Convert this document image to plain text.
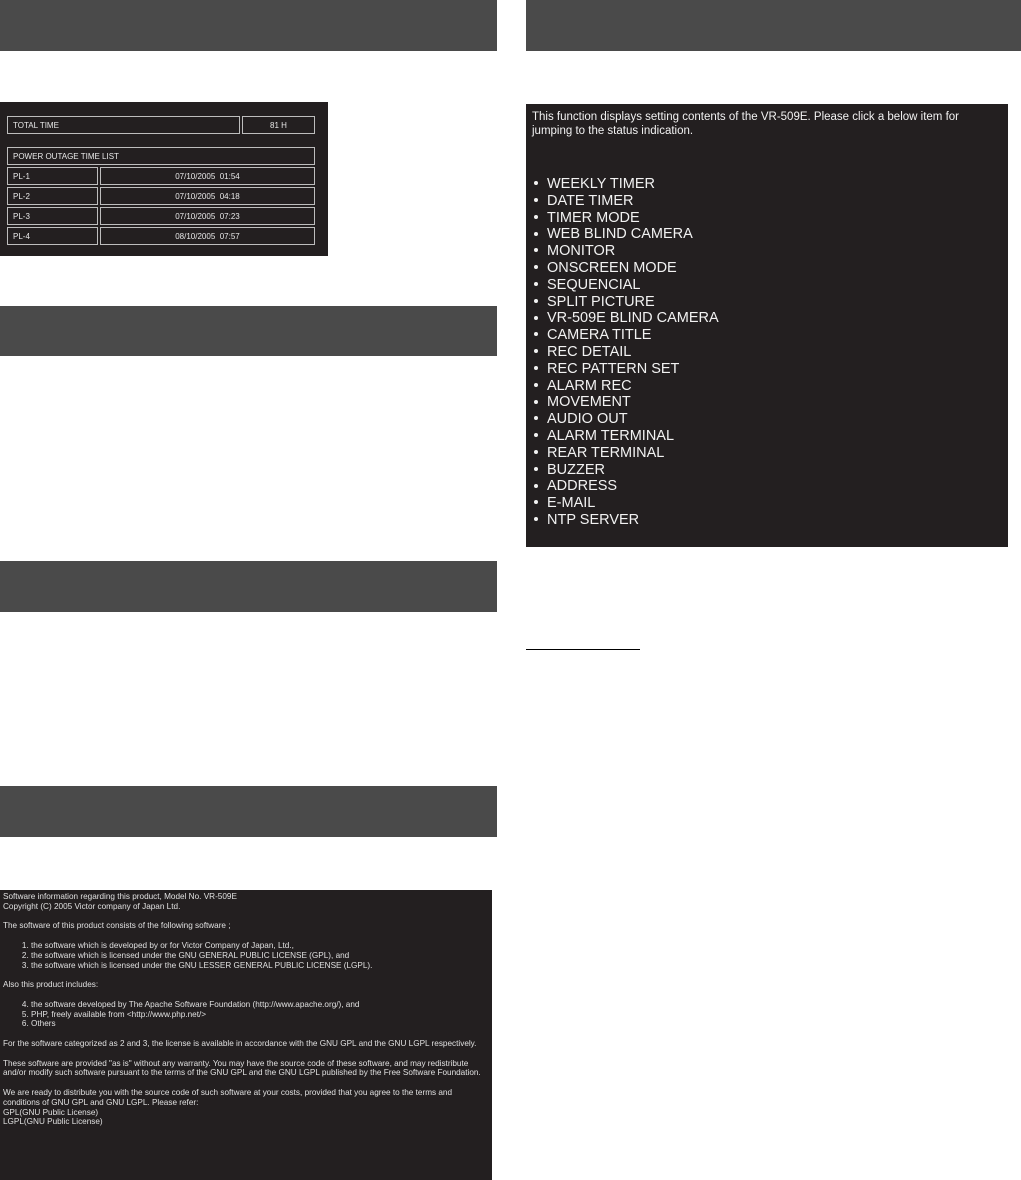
TOTAL TIME	81 H
POWER OUTAGE TIME LIST
PL-1	07/10/2005  01:54
PL-2	07/10/2005  04:18
PL-3	07/10/2005  07:23
PL-4	08/10/2005  07:57
This function displays setting contents of the VR-509E. Please click a below item for jumping to the status indication.
WEEKLY TIMER
DATE TIMER
TIMER MODE
WEB BLIND CAMERA
MONITOR
ONSCREEN MODE
SEQUENCIAL
SPLIT PICTURE
VR-509E BLIND CAMERA
CAMERA TITLE
REC DETAIL
REC PATTERN SET
ALARM REC
MOVEMENT
AUDIO OUT
ALARM TERMINAL
REAR TERMINAL
BUZZER
ADDRESS
E-MAIL
NTP SERVER

Software information regarding this product, Model No. VR-509E
Copyright (C) 2005 Victor company of Japan Ltd.

The software of this product consists of the following software ;

1. the software which is developed by or for Victor Company of Japan, Ltd.,
2. the software which is licensed under the GNU GENERAL PUBLIC LICENSE (GPL), and
3. the software which is licensed under the GNU LESSER GENERAL PUBLIC LICENSE (LGPL).

Also this product includes:

4. the software developed by The Apache Software Foundation (http://www.apache.org/), and
5. PHP, freely available from <http://www.php.net/>
6. Others

For the software categorized as 2 and 3, the license is available in accordance with the GNU GPL and the GNU LGPL respectively.

These software are provided "as is" without any warranty. You may have the source code of these software, and may redistribute and/or modify such software pursuant to the terms of the GNU GPL and the GNU LGPL published by the Free Software Foundation.

We are ready to distribute you with the source code of such software at your costs, provided that you agree to the terms and conditions of GNU GPL and GNU LGPL. Please refer:

GPL(GNU Public License)
LGPL(GNU Public License)
